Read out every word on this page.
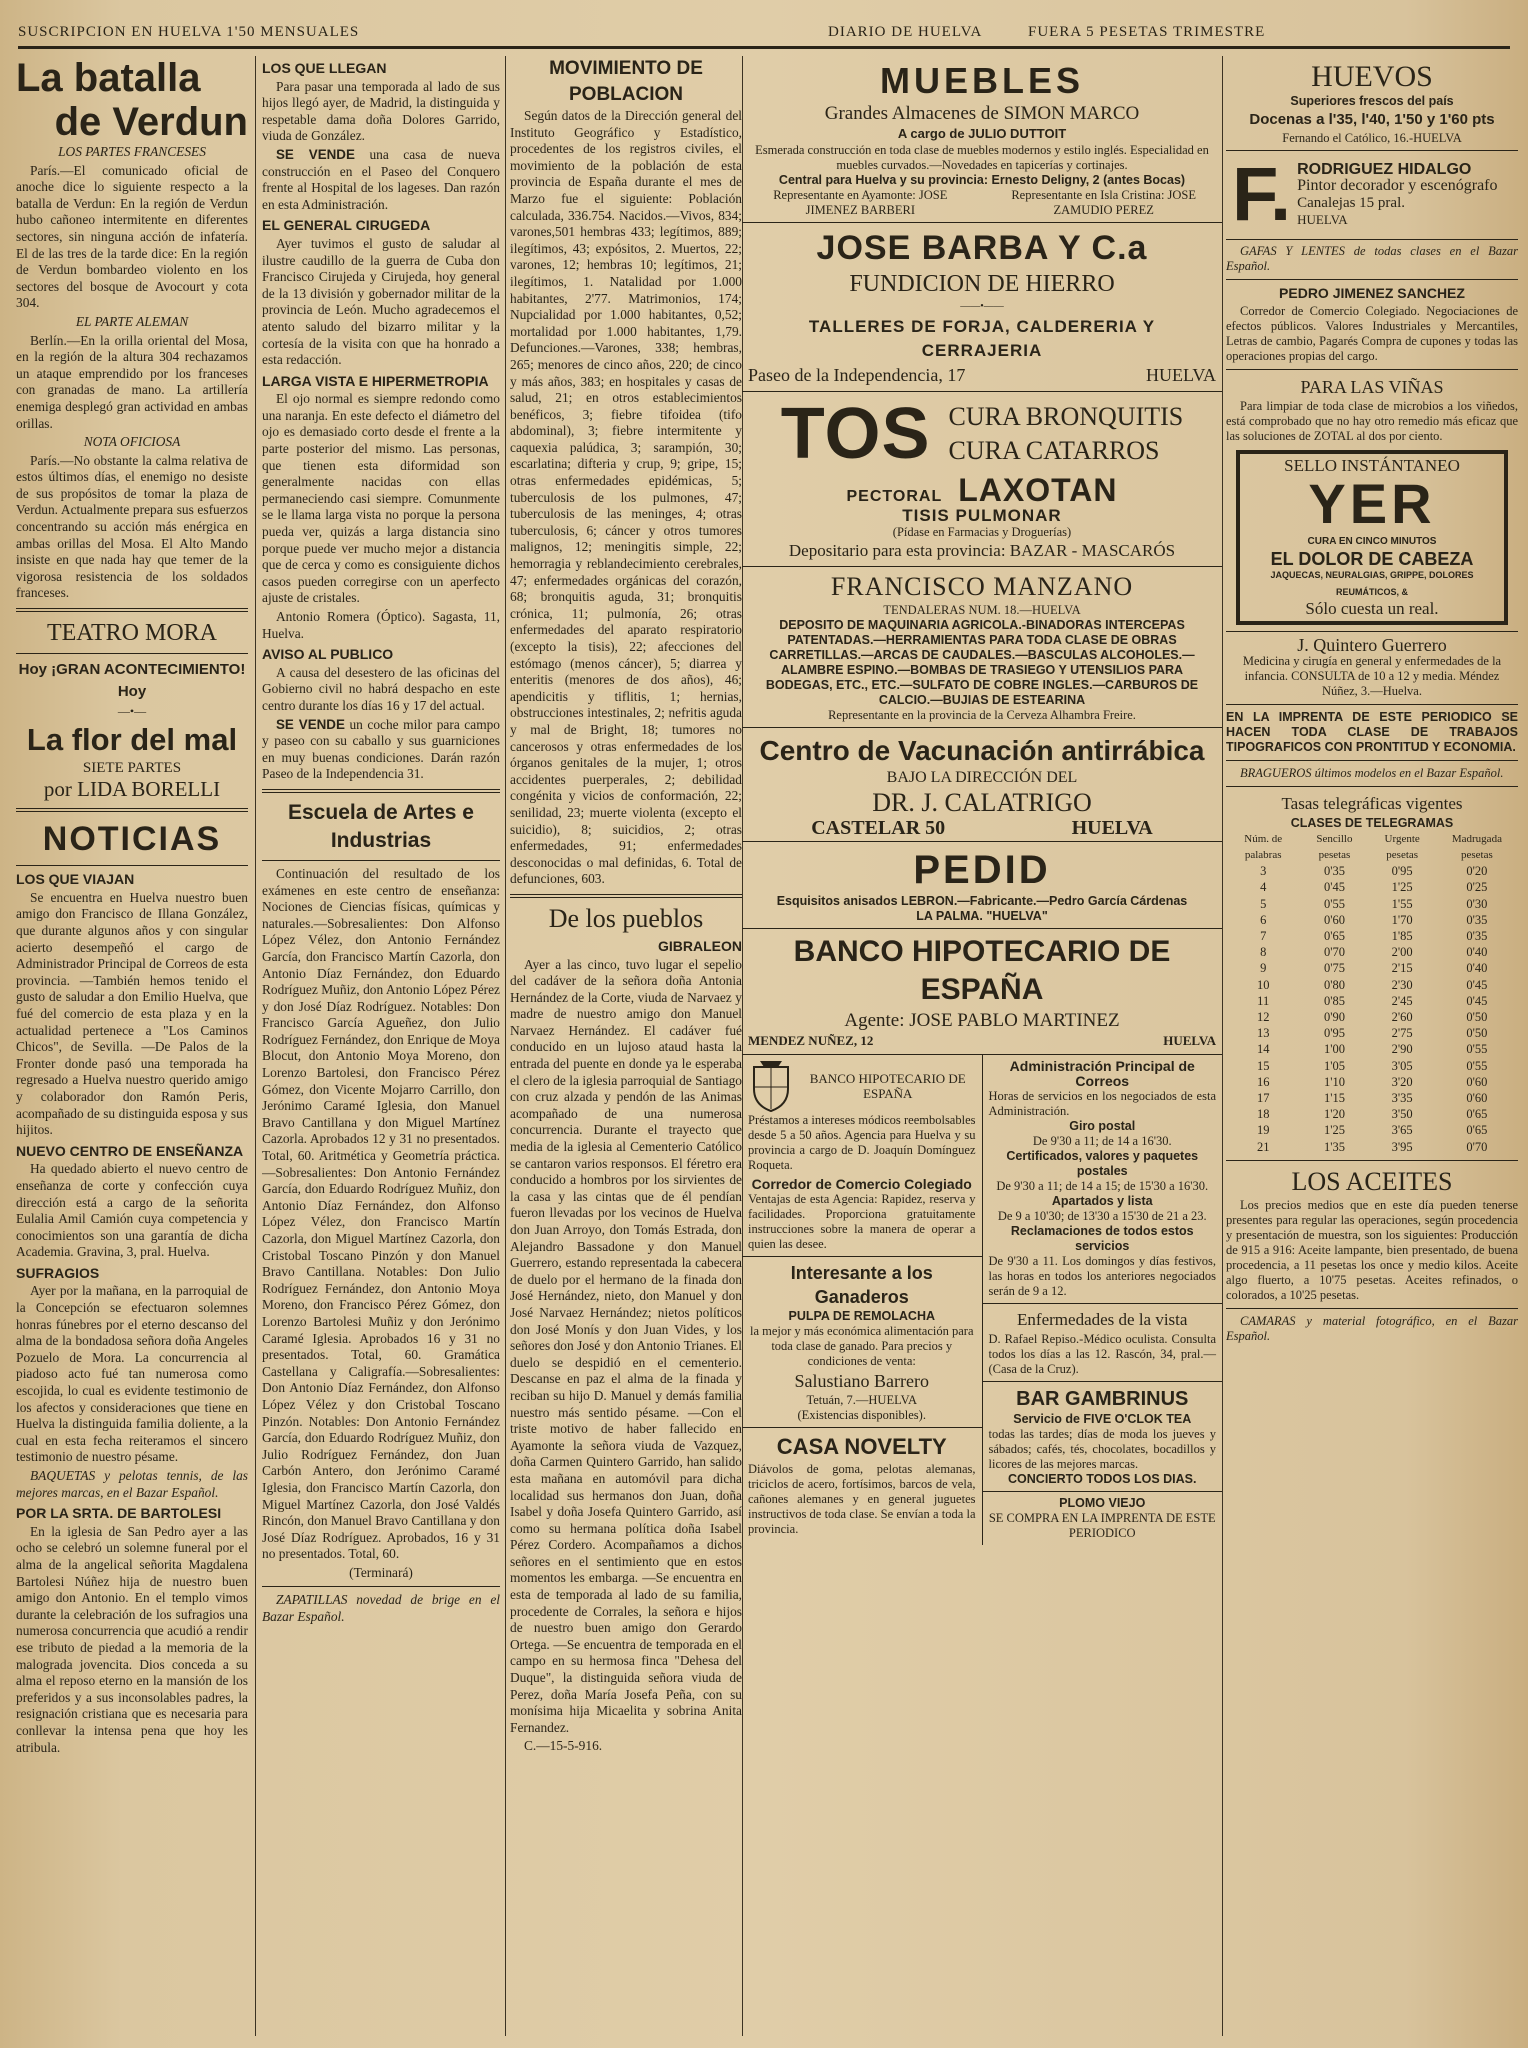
SUSCRIPCION EN HUELVA 1'50 MENSUALES	DIARIO DE HUELVA	FUERA 5 PESETAS TRIMESTRE
La batalla
de Verdun

LOS PARTES FRANCESES

París.—El comunicado oficial de anoche dice lo siguiente respecto a la batalla de Verdun: En la región de Verdun hubo cañoneo intermitente en diferentes sectores, sin ninguna acción de infatería. El de las tres de la tarde dice: En la región de Verdun bombardeo violento en los sectores del bosque de Avocourt y cota 304.

EL PARTE ALEMAN

Berlín.—En la orilla oriental del Mosa, en la región de la altura 304 rechazamos un ataque emprendido por los franceses con granadas de mano. La artillería enemiga desplegó gran actividad en ambas orillas.

NOTA OFICIOSA

París.—No obstante la calma relativa de estos últimos días, el enemigo no desiste de sus propósitos de tomar la plaza de Verdun. Actualmente prepara sus esfuerzos concentrando su acción más enérgica en ambas orillas del Mosa. El Alto Mando insiste en que nada hay que temer de la vigorosa resistencia de los soldados franceses.

TEATRO MORA
Hoy ¡GRAN ACONTECIMIENTO! Hoy
—•—
La flor del mal
SIETE PARTES
por LIDA BORELLI
NOTICIAS
LOS QUE VIAJAN

Se encuentra en Huelva nuestro buen amigo don Francisco de Illana González, que durante algunos años y con singular acierto desempeñó el cargo de Administrador Principal de Correos de esta provincia. —También hemos tenido el gusto de saludar a don Emilio Huelva, que fué del comercio de esta plaza y en la actualidad pertenece a "Los Caminos Chicos", de Sevilla. —De Palos de la Fronter donde pasó una temporada ha regresado a Huelva nuestro querido amigo y colaborador don Ramón Peris, acompañado de su distinguida esposa y sus hijitos.

NUEVO CENTRO DE ENSEÑANZA

Ha quedado abierto el nuevo centro de enseñanza de corte y confección cuya dirección está a cargo de la señorita Eulalia Amil Camión cuya competencia y conocimientos son una garantía de dicha Academia. Gravina, 3, pral. Huelva.

SUFRAGIOS

Ayer por la mañana, en la parroquial de la Concepción se efectuaron solemnes honras fúnebres por el eterno descanso del alma de la bondadosa señora doña Angeles Pozuelo de Mora. La concurrencia al piadoso acto fué tan numerosa como escojida, lo cual es evidente testimonio de los afectos y consideraciones que tiene en Huelva la distinguida familia doliente, a la cual en esta fecha reiteramos el sincero testimonio de nuestro pésame.

BAQUETAS y pelotas tennis, de las mejores marcas, en el Bazar Español.

POR LA SRTA. DE BARTOLESI

En la iglesia de San Pedro ayer a las ocho se celebró un solemne funeral por el alma de la angelical señorita Magdalena Bartolesi Núñez hija de nuestro buen amigo don Antonio. En el templo vimos durante la celebración de los sufragios una numerosa concurrencia que acudió a rendir ese tributo de piedad a la memoria de la malograda jovencita. Dios conceda a su alma el reposo eterno en la mansión de los preferidos y a sus inconsolables padres, la resignación cristiana que es necesaria para conllevar la intensa pena que hoy les atribula.

LOS QUE LLEGAN

Para pasar una temporada al lado de sus hijos llegó ayer, de Madrid, la distinguida y respetable dama doña Dolores Garrido, viuda de González.

SE VENDE una casa de nueva construcción en el Paseo del Conquero frente al Hospital de los lageses. Dan razón en esta Administración.

EL GENERAL CIRUGEDA

Ayer tuvimos el gusto de saludar al ilustre caudillo de la guerra de Cuba don Francisco Cirujeda y Cirujeda, hoy general de la 13 división y gobernador militar de la provincia de León. Mucho agradecemos el atento saludo del bizarro militar y la cortesía de la visita con que ha honrado a esta redacción.

LARGA VISTA E HIPERMETROPIA

El ojo normal es siempre redondo como una naranja. En este defecto el diámetro del ojo es demasiado corto desde el frente a la parte posterior del mismo. Las personas, que tienen esta diformidad son generalmente nacidas con ellas permaneciendo casi siempre. Comunmente se le llama larga vista no porque la persona pueda ver, quizás a larga distancia sino porque puede ver mucho mejor a distancia que de cerca y como es consiguiente dichos casos pueden corregirse con un aperfecto ajuste de cristales.

Antonio Romera (Óptico). Sagasta, 11, Huelva.

AVISO AL PUBLICO

A causa del desestero de las oficinas del Gobierno civil no habrá despacho en este centro durante los días 16 y 17 del actual.

SE VENDE un coche milor para campo y paseo con su caballo y sus guarniciones en muy buenas condiciones. Darán razón Paseo de la Independencia 31.

Escuela de Artes e Industrias

Continuación del resultado de los exámenes en este centro de enseñanza: Nociones de Ciencias físicas, químicas y naturales.—Sobresalientes: Don Alfonso López Vélez, don Antonio Fernández García, don Francisco Martín Cazorla, don Antonio Díaz Fernández, don Eduardo Rodríguez Muñiz, don Antonio López Pérez y don José Díaz Rodríguez. Notables: Don Francisco García Agueñez, don Julio Rodríguez Fernández, don Enrique de Moya Blocut, don Antonio Moya Moreno, don Lorenzo Bartolesi, don Francisco Pérez Gómez, don Vicente Mojarro Carrillo, don Jerónimo Caramé Iglesia, don Manuel Bravo Cantillana y don Miguel Martínez Cazorla. Aprobados 12 y 31 no presentados. Total, 60. Aritmética y Geometría práctica.—Sobresalientes: Don Antonio Fernández García, don Eduardo Rodríguez Muñiz, don Antonio Díaz Fernández, don Alfonso López Vélez, don Francisco Martín Cazorla, don Miguel Martínez Cazorla, don Cristobal Toscano Pinzón y don Manuel Bravo Cantillana. Notables: Don Julio Rodríguez Fernández, don Antonio Moya Moreno, don Francisco Pérez Gómez, don Lorenzo Bartolesi Muñiz y don Jerónimo Caramé Iglesia. Aprobados 16 y 31 no presentados. Total, 60. Gramática Castellana y Caligrafía.—Sobresalientes: Don Antonio Díaz Fernández, don Alfonso López Vélez y don Cristobal Toscano Pinzón. Notables: Don Antonio Fernández García, don Eduardo Rodríguez Muñiz, don Julio Rodríguez Fernández, don Juan Carbón Antero, don Jerónimo Caramé Iglesia, don Francisco Martín Cazorla, don Miguel Martínez Cazorla, don José Valdés Rincón, don Manuel Bravo Cantillana y don José Díaz Rodríguez. Aprobados, 16 y 31 no presentados. Total, 60.

(Terminará)

ZAPATILLAS novedad de brige en el Bazar Español.

MOVIMIENTO DE POBLACION

Según datos de la Dirección general del Instituto Geográfico y Estadístico, procedentes de los registros civiles, el movimiento de la población de esta provincia de España durante el mes de Marzo fue el siguiente: Población calculada, 336.754. Nacidos.—Vivos, 834; varones,501 hembras 433; legítimos, 889; ilegítimos, 43; expósitos, 2. Muertos, 22; varones, 12; hembras 10; legítimos, 21; ilegítimos, 1. Natalidad por 1.000 habitantes, 2'77. Matrimonios, 174; Nupcialidad por 1.000 habitantes, 0,52; mortalidad por 1.000 habitantes, 1,79. Defunciones.—Varones, 338; hembras, 265; menores de cinco años, 220; de cinco y más años, 383; en hospitales y casas de salud, 21; en otros establecimientos benéficos, 3; fiebre tifoidea (tifo abdominal), 3; fiebre intermitente y caquexia palúdica, 3; sarampión, 30; escarlatina; difteria y crup, 9; gripe, 15; otras enfermedades epidémicas, 5; tuberculosis de los pulmones, 47; tuberculosis de las meninges, 4; otras tuberculosis, 6; cáncer y otros tumores malignos, 12; meningitis simple, 22; hemorragia y reblandecimiento cerebrales, 47; enfermedades orgánicas del corazón, 68; bronquitis aguda, 31; bronquitis crónica, 11; pulmonía, 26; otras enfermedades del aparato respiratorio (excepto la tisis), 22; afecciones del estómago (menos cáncer), 5; diarrea y enteritis (menores de dos años), 46; apendicitis y tiflitis, 1; hernias, obstrucciones intestinales, 2; nefritis aguda y mal de Bright, 18; tumores no cancerosos y otras enfermedades de los órganos genitales de la mujer, 1; otros accidentes puerperales, 2; debilidad congénita y vicios de conformación, 22; senilidad, 23; muerte violenta (excepto el suicidio), 8; suicidios, 2; otras enfermedades, 91; enfermedades desconocidas o mal definidas, 6. Total de defunciones, 603.

De los pueblos
GIBRALEON

Ayer a las cinco, tuvo lugar el sepelio del cadáver de la señora doña Antonia Hernández de la Corte, viuda de Narvaez y madre de nuestro amigo don Manuel Narvaez Hernández. El cadáver fué conducido en un lujoso ataud hasta la entrada del puente en donde ya le esperaba el clero de la iglesia parroquial de Santiago con cruz alzada y pendón de las Animas acompañado de una numerosa concurrencia. Durante el trayecto que media de la iglesia al Cementerio Católico se cantaron varios responsos. El féretro era conducido a hombros por los sirvientes de la casa y las cintas que de él pendían fueron llevadas por los vecinos de Huelva don Juan Arroyo, don Tomás Estrada, don Alejandro Bassadone y don Manuel Guerrero, estando representada la cabecera de duelo por el hermano de la finada don José Hernández, nieto, don Manuel y don José Narvaez Hernández; nietos políticos don José Monís y don Juan Vides, y los señores don José y don Antonio Trianes. El duelo se despidió en el cementerio. Descanse en paz el alma de la finada y reciban su hijo D. Manuel y demás familia nuestro más sentido pésame. —Con el triste motivo de haber fallecido en Ayamonte la señora viuda de Vazquez, doña Carmen Quintero Garrido, han salido esta mañana en automóvil para dicha localidad sus hermanos don Juan, doña Isabel y doña Josefa Quintero Garrido, así como su hermana política doña Isabel Pérez Cordero. Acompañamos a dichos señores en el sentimiento que en estos momentos les embarga. —Se encuentra en esta de temporada al lado de su familia, procedente de Corrales, la señora e hijos de nuestro buen amigo don Gerardo Ortega. —Se encuentra de temporada en el campo en su hermosa finca "Dehesa del Duque", la distinguida señora viuda de Perez, doña María Josefa Peña, con su monísima hija Micaelita y sobrina Anita Fernandez.

C.—15-5-916.

MUEBLES
Grandes Almacenes de SIMON MARCO
A cargo de JULIO DUTTOIT
Esmerada construcción en toda clase de muebles modernos y estilo inglés. Especialidad en muebles curvados.—Novedades en tapicerías y cortinajes.
Central para Huelva y su provincia: Ernesto Deligny, 2 (antes Bocas)
Representante en Ayamonte: JOSE JIMENEZ BARBERI
Representante en Isla Cristina: JOSE ZAMUDIO PEREZ
JOSE BARBA Y C.a
FUNDICION DE HIERRO
——•——
TALLERES DE FORJA, CALDERERIA Y CERRAJERIA
Paseo de la Independencia, 17	HUELVA
TOS CURA BRONQUITIS
CURA CATARROS
PECTORAL LAXOTAN
TISIS PULMONAR
(Pídase en Farmacias y Droguerías)
Depositario para esta provincia: BAZAR - MASCARÓS
FRANCISCO MANZANO
TENDALERAS NUM. 18.—HUELVA
DEPOSITO DE MAQUINARIA AGRICOLA.-BINADORAS INTERCEPAS PATENTADAS.—HERRAMIENTAS PARA TODA CLASE DE OBRAS CARRETILLAS.—ARCAS DE CAUDALES.—BASCULAS ALCOHOLES.—ALAMBRE ESPINO.—BOMBAS DE TRASIEGO Y UTENSILIOS PARA BODEGAS, ETC., ETC.—SULFATO DE COBRE INGLES.—CARBUROS DE CALCIO.—BUJIAS DE ESTEARINA
Representante en la provincia de la Cerveza Alhambra Freire.
Centro de Vacunación antirrábica
BAJO LA DIRECCIÓN DEL
DR. J. CALATRIGO
CASTELAR 50	HUELVA
PEDID
Esquisitos anisados LEBRON.—Fabricante.—Pedro García Cárdenas
LA PALMA. "HUELVA"
BANCO HIPOTECARIO DE ESPAÑA
Agente: JOSE PABLO MARTINEZ
MENDEZ NUÑEZ, 12	HUELVA
BANCO HIPOTECARIO DE ESPAÑA
Préstamos a intereses módicos reembolsables desde 5 a 50 años. Agencia para Huelva y su provincia a cargo de D. Joaquín Domínguez Roqueta.
Corredor de Comercio Colegiado
Ventajas de esta Agencia: Rapidez, reserva y facilidades. Proporciona gratuitamente instrucciones sobre la manera de operar a quien las desee.
Interesante a los Ganaderos
PULPA DE REMOLACHA
la mejor y más económica alimentación para toda clase de ganado. Para precios y condiciones de venta:
Salustiano Barrero
Tetuán, 7.—HUELVA
(Existencias disponibles).
CASA NOVELTY
Diávolos de goma, pelotas alemanas, triciclos de acero, fortísimos, barcos de vela, cañones alemanes y en general juguetes instructivos de toda clase. Se envían a toda la provincia.
Administración Principal de Correos
Horas de servicios en los negociados de esta Administración.
Giro postal
De 9'30 a 11; de 14 a 16'30.
Certificados, valores y paquetes postales
De 9'30 a 11; de 14 a 15; de 15'30 a 16'30.
Apartados y lista
De 9 a 10'30; de 13'30 a 15'30 de 21 a 23.
Reclamaciones de todos estos servicios
De 9'30 a 11. Los domingos y días festivos, las horas en todos los anteriores negociados serán de 9 a 12.
Enfermedades de la vista
D. Rafael Repiso.-Médico oculista. Consulta todos los días a las 12. Rascón, 34, pral.— (Casa de la Cruz).
BAR GAMBRINUS
Servicio de FIVE O'CLOK TEA
todas las tardes; días de moda los jueves y sábados; cafés, tés, chocolates, bocadillos y licores de las mejores marcas.
CONCIERTO TODOS LOS DIAS.
PLOMO VIEJO
SE COMPRA EN LA IMPRENTA DE ESTE PERIODICO
HUEVOS
Superiores frescos del país
Docenas a l'35, l'40, 1'50 y 1'60 pts
Fernando el Católico, 16.-HUELVA
F. RODRIGUEZ HIDALGO
Pintor decorador y escenógrafo
Canalejas 15 pral.
HUELVA

GAFAS Y LENTES de todas clases en el Bazar Español.

PEDRO JIMENEZ SANCHEZ

Corredor de Comercio Colegiado. Negociaciones de efectos públicos. Valores Industriales y Mercantiles, Letras de cambio, Pagarés Compra de cupones y todas las operaciones propias del cargo.

PARA LAS VIÑAS

Para limpiar de toda clase de microbios a los viñedos, está comprobado que no hay otro remedio más eficaz que las soluciones de ZOTAL al dos por ciento.

SELLO INSTÁNTANEO
YER
CURA EN CINCO MINUTOS
EL DOLOR DE CABEZA
JAQUECAS, NEURALGIAS, GRIPPE, DOLORES REUMÁTICOS, &
Sólo cuesta un real.
J. Quintero Guerrero

Medicina y cirugía en general y enfermedades de la infancia. CONSULTA de 10 a 12 y media. Méndez Núñez, 3.—Huelva.

EN LA IMPRENTA DE ESTE PERIODICO SE HACEN TODA CLASE DE TRABAJOS TIPOGRAFICOS CON PRONTITUD Y ECONOMIA.

BRAGUEROS últimos modelos en el Bazar Español.

Tasas telegráficas vigentes
CLASES DE TELEGRAMAS
Núm. de palabras	Sencillo pesetas	Urgente pesetas	Madrugada pesetas
3	0'35	0'95	0'20
4	0'45	1'25	0'25
5	0'55	1'55	0'30
6	0'60	1'70	0'35
7	0'65	1'85	0'35
8	0'70	2'00	0'40
9	0'75	2'15	0'40
10	0'80	2'30	0'45
11	0'85	2'45	0'45
12	0'90	2'60	0'50
13	0'95	2'75	0'50
14	1'00	2'90	0'55
15	1'05	3'05	0'55
16	1'10	3'20	0'60
17	1'15	3'35	0'60
18	1'20	3'50	0'65
19	1'25	3'65	0'65
21	1'35	3'95	0'70
LOS ACEITES

Los precios medios que en este día pueden tenerse presentes para regular las operaciones, según procedencia y presentación de muestra, son los siguientes: Producción de 915 a 916: Aceite lampante, bien presentado, de buena procedencia, a 11 pesetas los once y medio kilos. Aceite algo fluerto, a 10'75 pesetas. Aceites refinados, o colorados, a 10'25 pesetas.

CAMARAS y material fotográfico, en el Bazar Español.
